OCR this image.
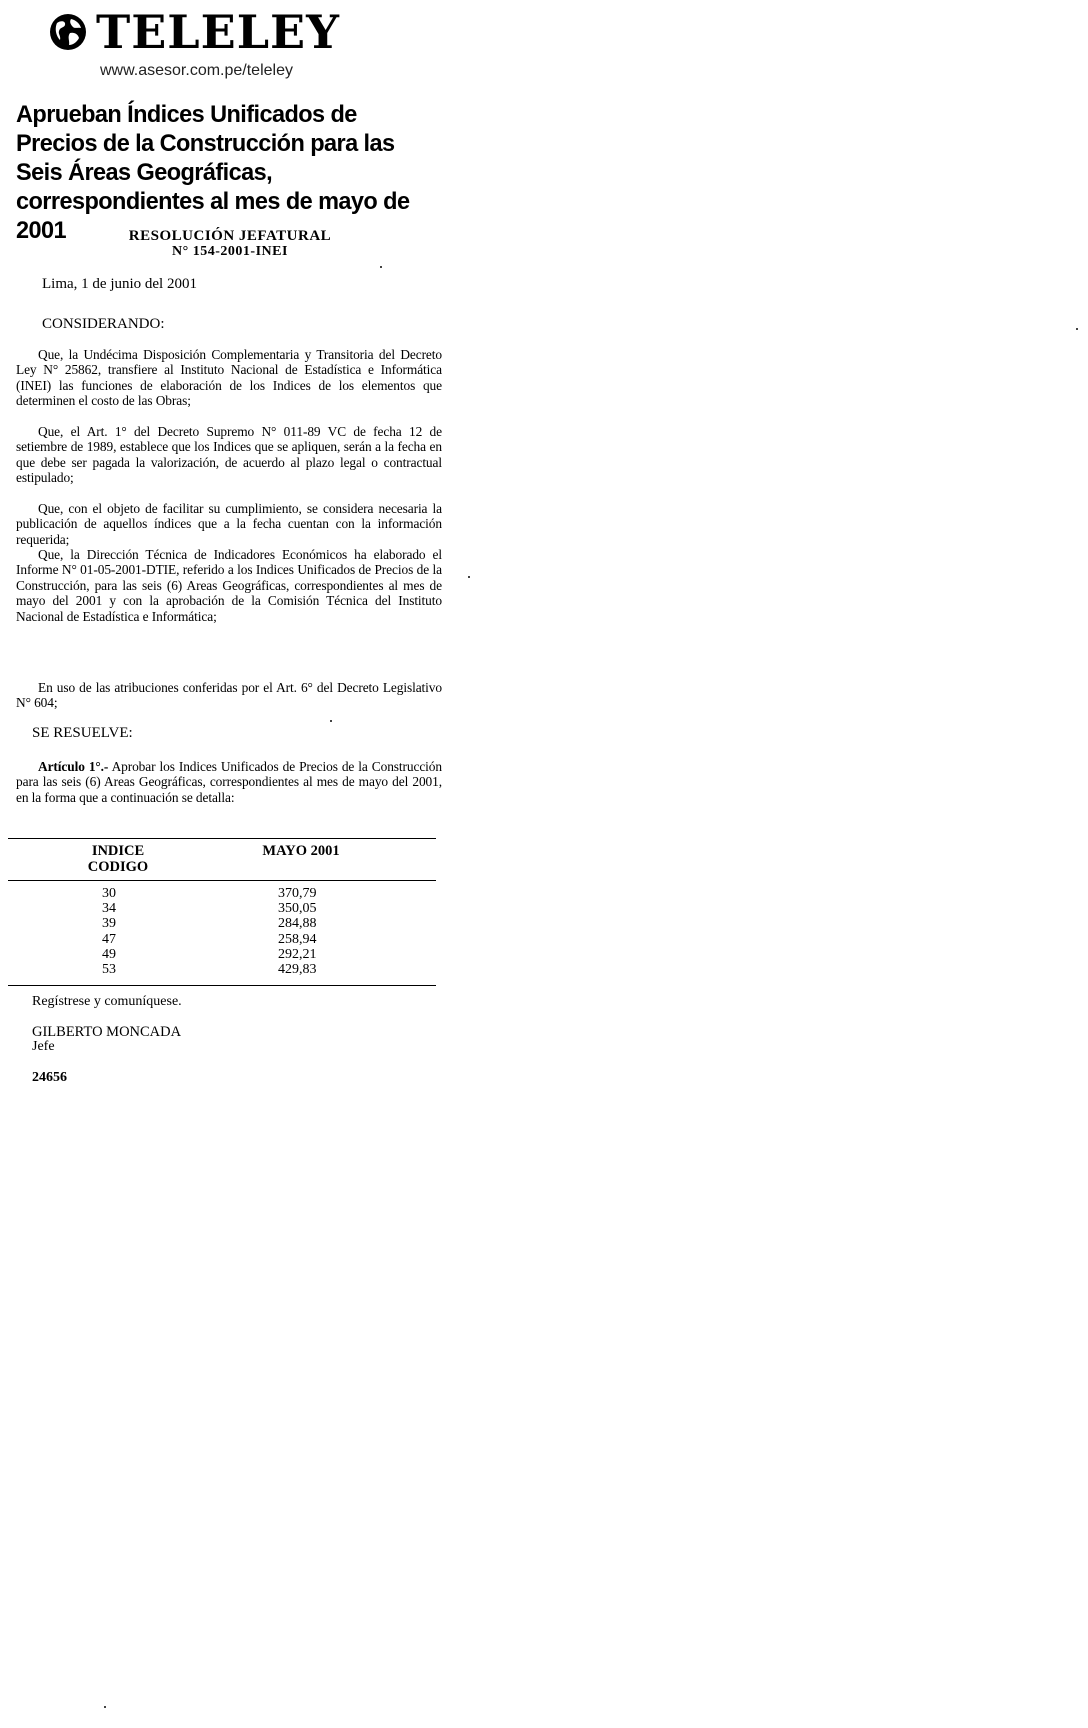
TELELEY
www.asesor.com.pe/teleley
Aprueban Índices Unificados de Precios de la Construcción para las Seis Áreas Geográficas, correspondientes al mes de mayo de 2001	RESOLUCIÓN JEFATURAL
N° 154-2001-INEI
Lima, 1 de junio del 2001
CONSIDERANDO:

Que, la Undécima Disposición Complementaria y Transitoria del Decreto Ley N° 25862, transfiere al Instituto Nacional de Estadística e Informática (INEI) las funciones de elaboración de los Indices de los elementos que determinen el costo de las Obras;

Que, el Art. 1° del Decreto Supremo N° 011-89 VC de fecha 12 de setiembre de 1989, establece que los Indices que se apliquen, serán a la fecha en que debe ser pagada la valorización, de acuerdo al plazo legal o contractual estipulado;

Que, con el objeto de facilitar su cumplimiento, se considera necesaria la publicación de aquellos índices que a la fecha cuentan con la información requerida;

Que, la Dirección Técnica de Indicadores Económicos ha elaborado el Informe N° 01-05-2001-DTIE, referido a los Indices Unificados de Precios de la Construcción, para las seis (6) Areas Geográficas, correspondientes al mes de mayo del 2001 y con la aprobación de la Comisión Técnica del Instituto Nacional de Estadística e Informática;

En uso de las atribuciones conferidas por el Art. 6° del Decreto Legislativo N° 604;

SE RESUELVE:

Artículo 1°.- Aprobar los Indices Unificados de Precios de la Construcción para las seis (6) Areas Geográficas, correspondientes al mes de mayo del 2001, en la forma que a continuación se detalla:

INDICE
CODIGO
MAYO 2001
30	370,79
34	350,05
39	284,88
47	258,94
49	292,21
53	429,83
Regístrese y comuníquese.
GILBERTO MONCADA
Jefe
24656
